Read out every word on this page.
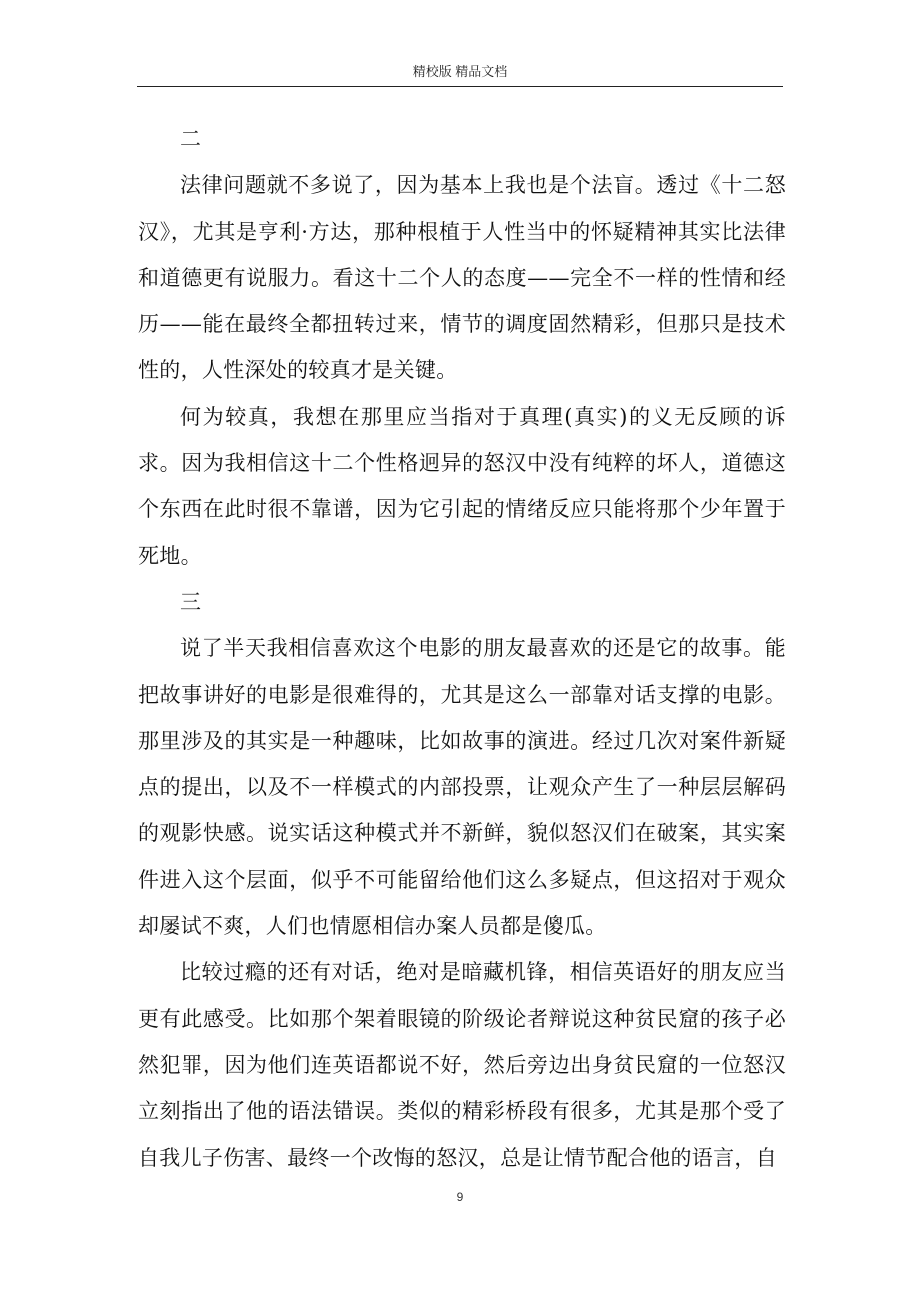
精校版 精品文档

二

法律问题就不多说了，因为基本上我也是个法盲。透过《十二怒汉》，尤其是亨利·方达，那种根植于人性当中的怀疑精神其实比法律和道德更有说服力。看这十二个人的态度——完全不一样的性情和经历——能在最终全都扭转过来，情节的调度固然精彩，但那只是技术性的，人性深处的较真才是关键。

何为较真，我想在那里应当指对于真理(真实)的义无反顾的诉求。因为我相信这十二个性格迥异的怒汉中没有纯粹的坏人，道德这个东西在此时很不靠谱，因为它引起的情绪反应只能将那个少年置于死地。

三

说了半天我相信喜欢这个电影的朋友最喜欢的还是它的故事。能把故事讲好的电影是很难得的，尤其是这么一部靠对话支撑的电影。那里涉及的其实是一种趣味，比如故事的演进。经过几次对案件新疑点的提出，以及不一样模式的内部投票，让观众产生了一种层层解码的观影快感。说实话这种模式并不新鲜，貌似怒汉们在破案，其实案件进入这个层面，似乎不可能留给他们这么多疑点，但这招对于观众却屡试不爽，人们也情愿相信办案人员都是傻瓜。

比较过瘾的还有对话，绝对是暗藏机锋，相信英语好的朋友应当更有此感受。比如那个架着眼镜的阶级论者辩说这种贫民窟的孩子必然犯罪，因为他们连英语都说不好，然后旁边出身贫民窟的一位怒汉立刻指出了他的语法错误。类似的精彩桥段有很多，尤其是那个受了自我儿子伤害、最终一个改悔的怒汉，总是让情节配合他的语言，自

9
